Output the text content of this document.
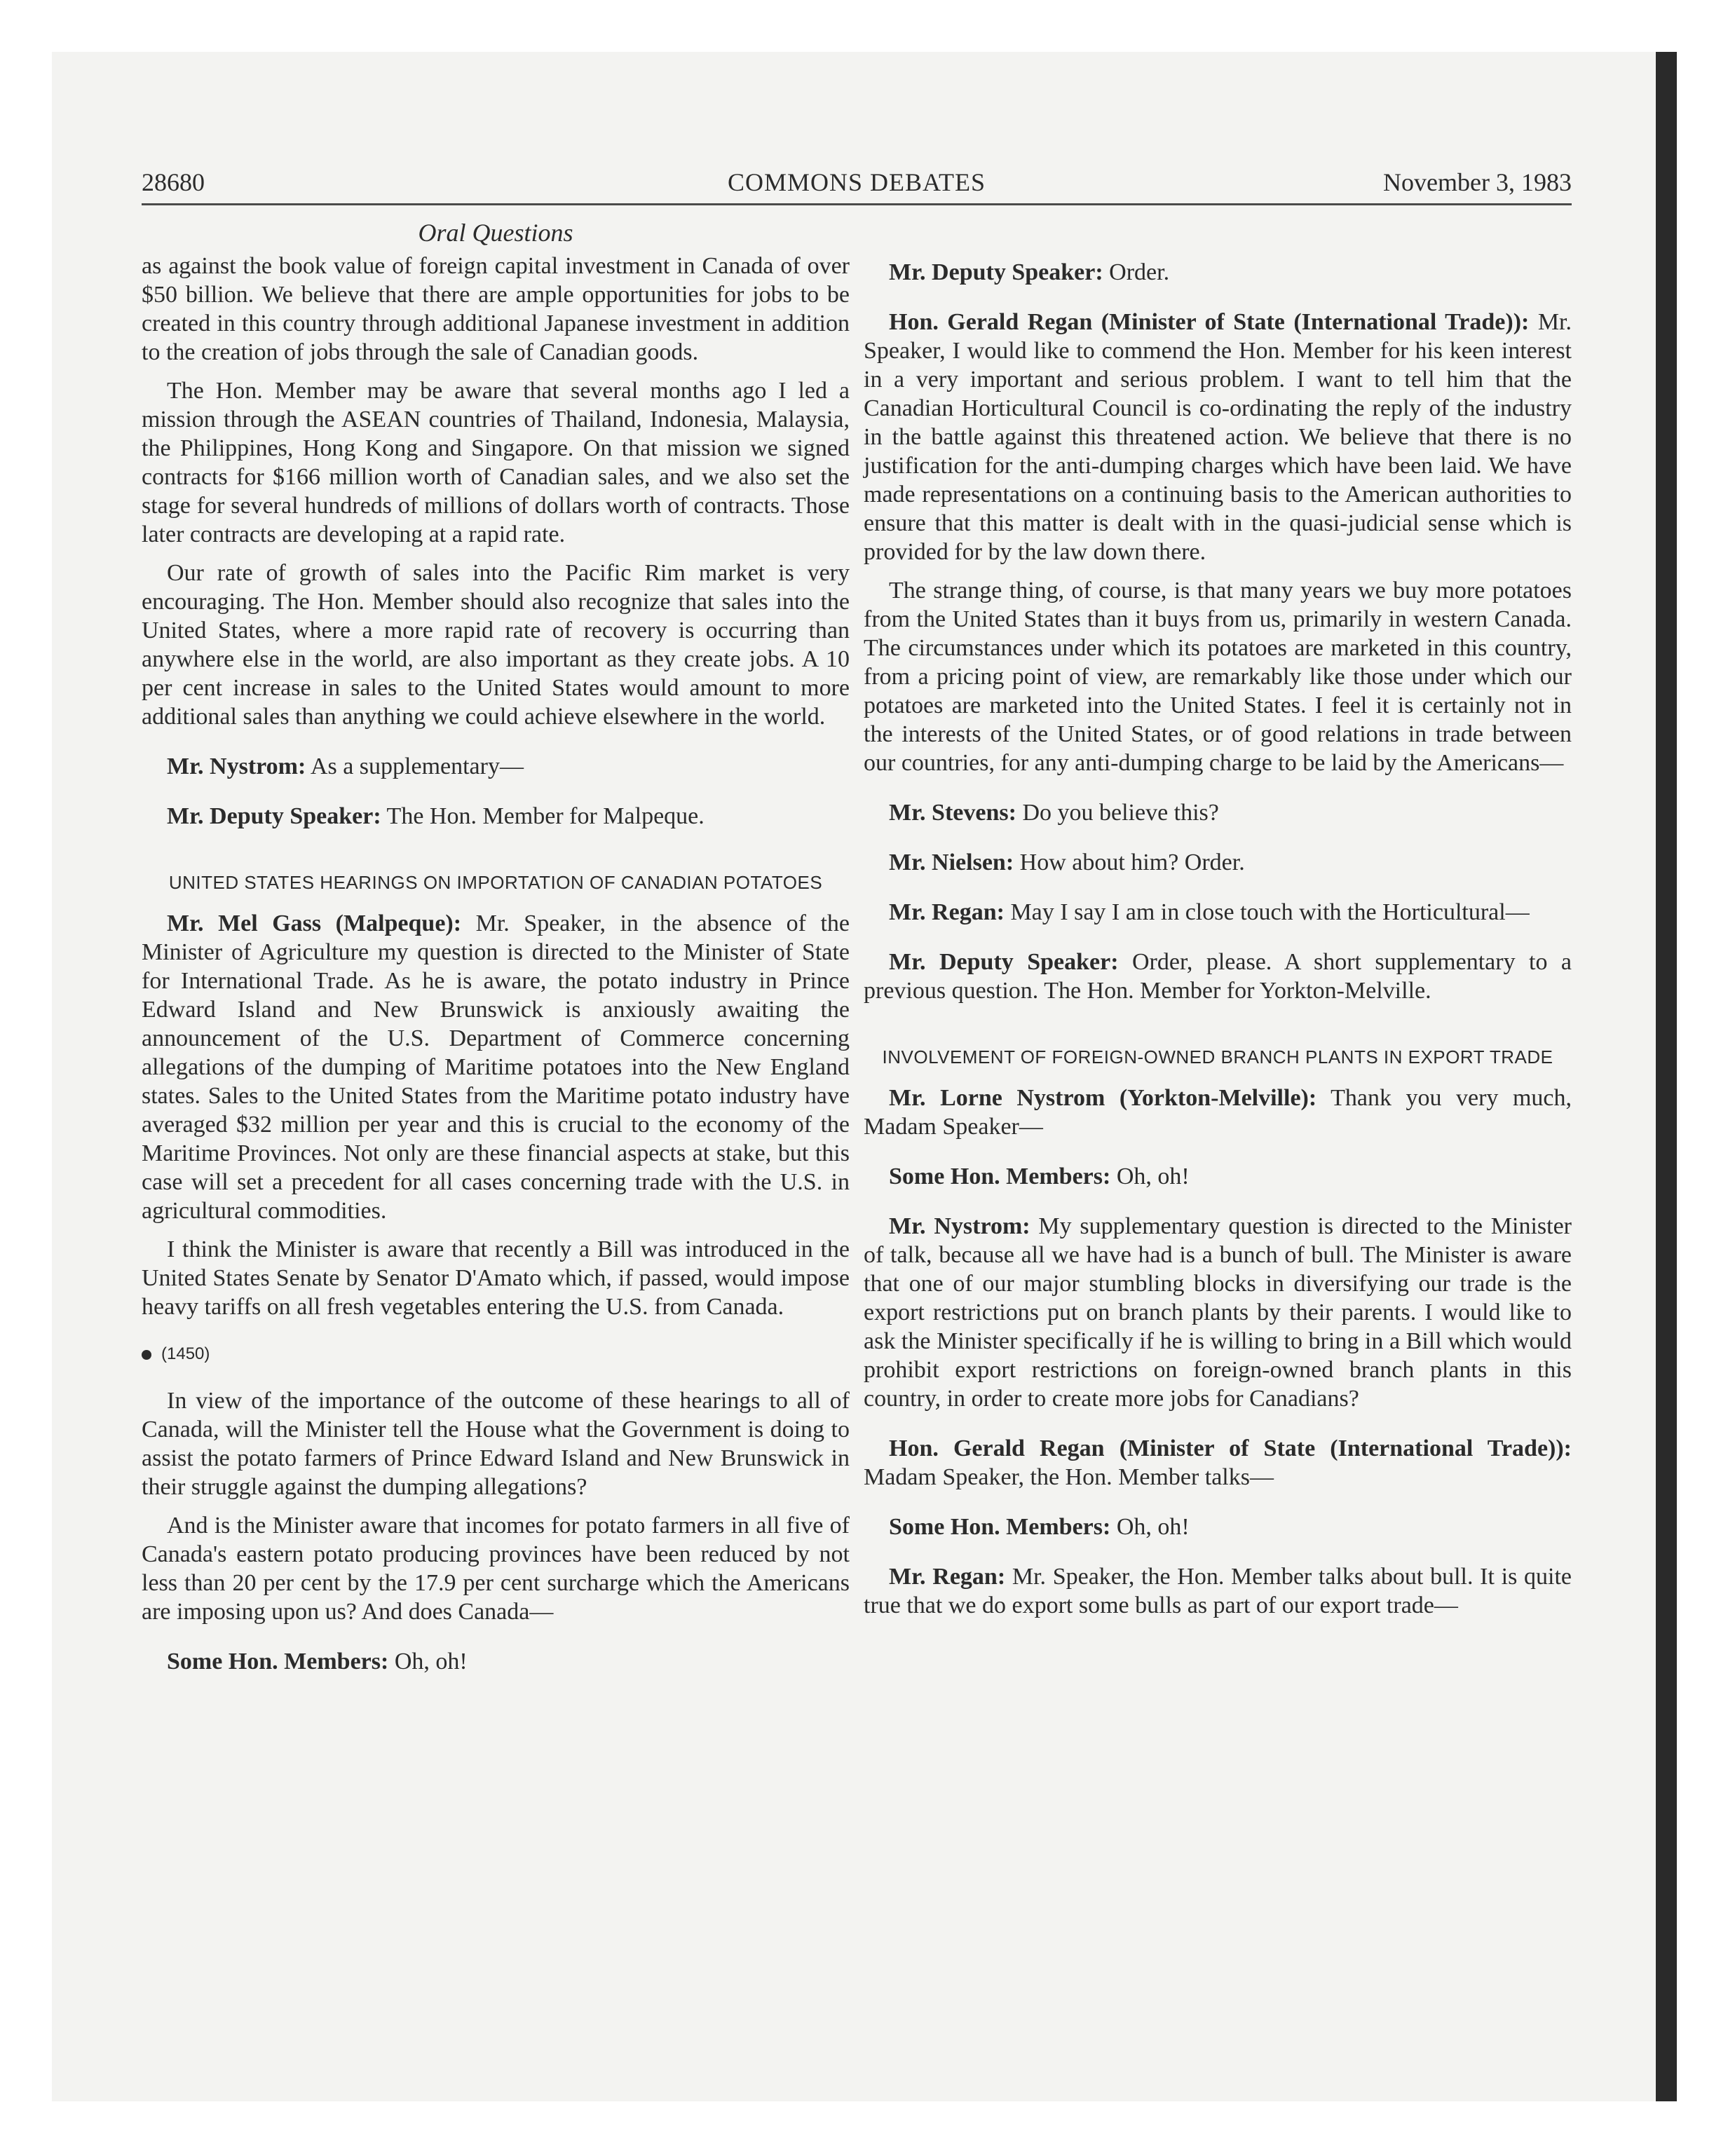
28680	COMMONS DEBATES	November 3, 1983
Oral Questions

as against the book value of foreign capital investment in Canada of over $50 billion. We believe that there are ample opportunities for jobs to be created in this country through additional Japanese investment in addition to the creation of jobs through the sale of Canadian goods.

The Hon. Member may be aware that several months ago I led a mission through the ASEAN countries of Thailand, Indonesia, Malaysia, the Philippines, Hong Kong and Singapore. On that mission we signed contracts for $166 million worth of Canadian sales, and we also set the stage for several hundreds of millions of dollars worth of contracts. Those later contracts are developing at a rapid rate.

Our rate of growth of sales into the Pacific Rim market is very encouraging. The Hon. Member should also recognize that sales into the United States, where a more rapid rate of recovery is occurring than anywhere else in the world, are also important as they create jobs. A 10 per cent increase in sales to the United States would amount to more additional sales than anything we could achieve elsewhere in the world.

Mr. Nystrom: As a supplementary—

Mr. Deputy Speaker: The Hon. Member for Malpeque.

UNITED STATES HEARINGS ON IMPORTATION OF CANADIAN POTATOES

Mr. Mel Gass (Malpeque): Mr. Speaker, in the absence of the Minister of Agriculture my question is directed to the Minister of State for International Trade. As he is aware, the potato industry in Prince Edward Island and New Brunswick is anxiously awaiting the announcement of the U.S. Department of Commerce concerning allegations of the dumping of Maritime potatoes into the New England states. Sales to the United States from the Maritime potato industry have averaged $32 million per year and this is crucial to the economy of the Maritime Provinces. Not only are these financial aspects at stake, but this case will set a precedent for all cases concerning trade with the U.S. in agricultural commodities.

I think the Minister is aware that recently a Bill was introduced in the United States Senate by Senator D'Amato which, if passed, would impose heavy tariffs on all fresh vegetables entering the U.S. from Canada.

(1450)

In view of the importance of the outcome of these hearings to all of Canada, will the Minister tell the House what the Government is doing to assist the potato farmers of Prince Edward Island and New Brunswick in their struggle against the dumping allegations?

And is the Minister aware that incomes for potato farmers in all five of Canada's eastern potato producing provinces have been reduced by not less than 20 per cent by the 17.9 per cent surcharge which the Americans are imposing upon us? And does Canada—

Some Hon. Members: Oh, oh!

Mr. Deputy Speaker: Order.

Hon. Gerald Regan (Minister of State (International Trade)): Mr. Speaker, I would like to commend the Hon. Member for his keen interest in a very important and serious problem. I want to tell him that the Canadian Horticultural Council is co-ordinating the reply of the industry in the battle against this threatened action. We believe that there is no justification for the anti-dumping charges which have been laid. We have made representations on a continuing basis to the American authorities to ensure that this matter is dealt with in the quasi-judicial sense which is provided for by the law down there.

The strange thing, of course, is that many years we buy more potatoes from the United States than it buys from us, primarily in western Canada. The circumstances under which its potatoes are marketed in this country, from a pricing point of view, are remarkably like those under which our potatoes are marketed into the United States. I feel it is certainly not in the interests of the United States, or of good relations in trade between our countries, for any anti-dumping charge to be laid by the Americans—

Mr. Stevens: Do you believe this?

Mr. Nielsen: How about him? Order.

Mr. Regan: May I say I am in close touch with the Horticultural—

Mr. Deputy Speaker: Order, please. A short supplementary to a previous question. The Hon. Member for Yorkton-Melville.

INVOLVEMENT OF FOREIGN-OWNED BRANCH PLANTS IN EXPORT TRADE

Mr. Lorne Nystrom (Yorkton-Melville): Thank you very much, Madam Speaker—

Some Hon. Members: Oh, oh!

Mr. Nystrom: My supplementary question is directed to the Minister of talk, because all we have had is a bunch of bull. The Minister is aware that one of our major stumbling blocks in diversifying our trade is the export restrictions put on branch plants by their parents. I would like to ask the Minister specifically if he is willing to bring in a Bill which would prohibit export restrictions on foreign-owned branch plants in this country, in order to create more jobs for Canadians?

Hon. Gerald Regan (Minister of State (International Trade)): Madam Speaker, the Hon. Member talks—

Some Hon. Members: Oh, oh!

Mr. Regan: Mr. Speaker, the Hon. Member talks about bull. It is quite true that we do export some bulls as part of our export trade—
